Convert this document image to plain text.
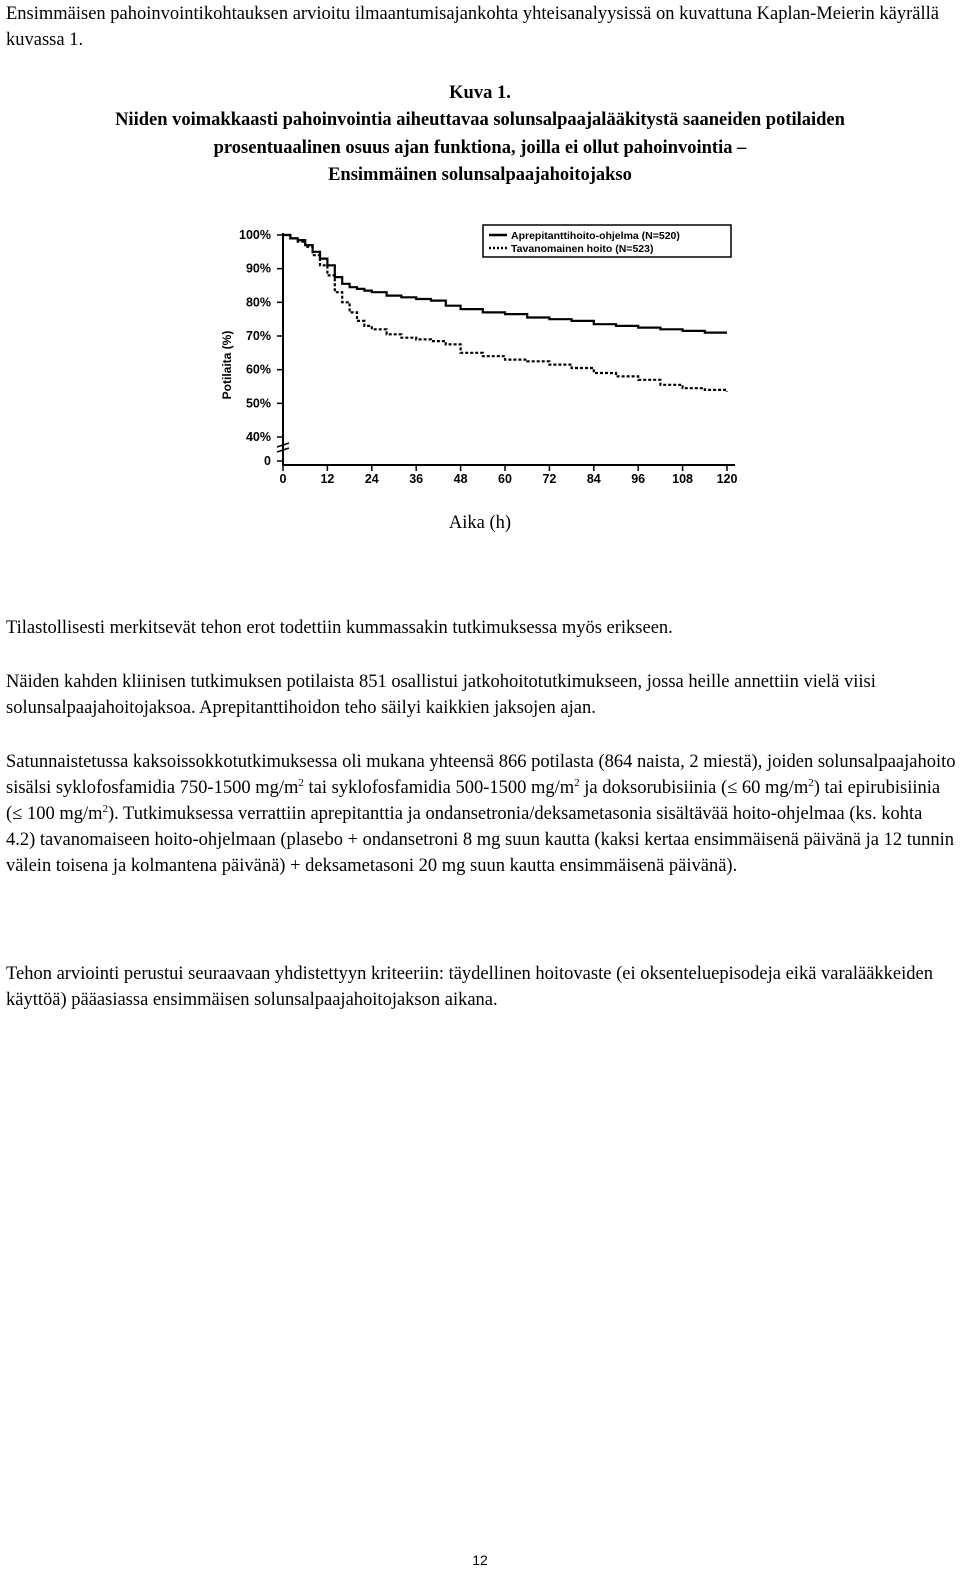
Ensimmäisen pahoinvointikohtauksen arvioitu ilmaantumisajankohta yhteisanalyysissä on kuvattuna Kaplan-Meierin käyrällä kuvassa 1.

Kuva 1.

Niiden voimakkaasti pahoinvointia aiheuttavaa solunsalpaajalääkitystä saaneiden potilaiden

prosentuaalinen osuus ajan funktiona, joilla ei ollut pahoinvointia –

Ensimmäinen solunsalpaajahoitojakso

Potilaita (%)
0
40%
50%
60%
70%
80%
90%
100%
0	12 24 36 48 60 72 84 96 108 120
Aprepitanttihoito-ohjelma (N=520)
Tavanomainen hoito (N=523)

Aika (h)

Tilastollisesti merkitsevät tehon erot todettiin kummassakin tutkimuksessa myös erikseen.

Näiden kahden kliinisen tutkimuksen potilaista 851 osallistui jatkohoitotutkimukseen, jossa heille annettiin vielä viisi solunsalpaajahoitojaksoa. Aprepitanttihoidon teho säilyi kaikkien jaksojen ajan.

Satunnaistetussa kaksoissokkotutkimuksessa oli mukana yhteensä 866 potilasta (864 naista, 2 miestä), joiden solunsalpaajahoito sisälsi syklofosfamidia 750-1500 $mg/m^2$ tai syklofosfamidia 500-1500 $mg/m^2$ ja doksorubisiinia (≤ 60 $mg/m^2$) tai epirubisiinia (≤ 100 $mg/m^2$). Tutkimuksessa verrattiin aprepitanttia ja ondansetronia/deksametasonia sisältävää hoito-ohjelmaa (ks. kohta 4.2) tavanomaiseen hoito-ohjelmaan (plasebo + ondansetroni 8 mg suun kautta (kaksi kertaa ensimmäisenä päivänä ja 12 tunnin välein toisena ja kolmantena päivänä) + deksametasoni 20 mg suun kautta ensimmäisenä päivänä).

Tehon arviointi perustui seuraavaan yhdistettyyn kriteeriin: täydellinen hoitovaste (ei oksenteluepisodeja eikä varalääkkeiden käyttöä) pääasiassa ensimmäisen solunsalpaajahoitojakson aikana.

12
